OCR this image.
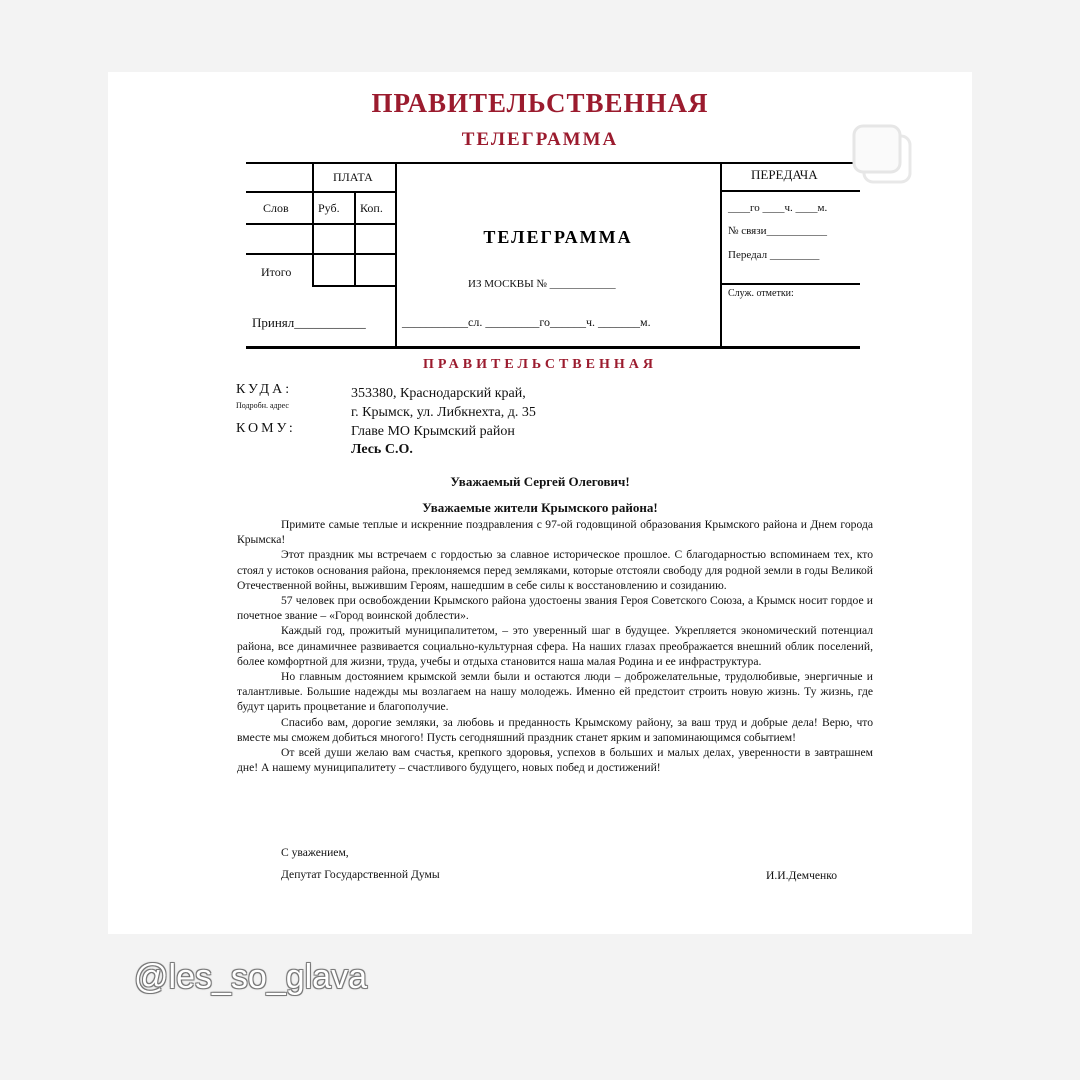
ПРАВИТЕЛЬСТВЕННАЯ
ТЕЛЕГРАММА
ПЛАТА
Слов Руб. Коп.
Итого
Принял___________
ТЕЛЕГРАММА
ИЗ МОСКВЫ № ____________
___________сл. _________го______ч. _______м.
ПЕРЕДАЧА
____го ____ч. ____м.
№ связи___________
Передал _________
Служ. отметки:
ПРАВИТЕЛЬСТВЕННАЯ
КУДА:
Подробн. адрес
КОМУ:
353380, Краснодарский край,
г. Крымск, ул. Либкнехта, д. 35
Главе МО Крымский район
Лесь С.О.
Уважаемый Сергей Олегович!
Уважаемые жители Крымского района!

Примите самые теплые и искренние поздравления с 97-ой годовщиной образования Крымского района и Днем города Крымска!

Этот праздник мы встречаем с гордостью за славное историческое прошлое. С благодарностью вспоминаем тех, кто стоял у истоков основания района, преклоняемся перед земляками, которые отстояли свободу для родной земли в годы Великой Отечественной войны, выжившим Героям, нашедшим в себе силы к восстановлению и созиданию.

57 человек при освобождении Крымского района удостоены звания Героя Советского Союза, а Крымск носит гордое и почетное звание – «Город воинской доблести».

Каждый год, прожитый муниципалитетом, – это уверенный шаг в будущее. Укрепляется экономический потенциал района, все динамичнее развивается социально-культурная сфера. На наших глазах преображается внешний облик поселений, более комфортной для жизни, труда, учебы и отдыха становится наша малая Родина и ее инфраструктура.

Но главным достоянием крымской земли были и остаются люди – доброжелательные, трудолюбивые, энергичные и талантливые. Большие надежды мы возлагаем на нашу молодежь. Именно ей предстоит строить новую жизнь. Ту жизнь, где будут царить процветание и благополучие.

Спасибо вам, дорогие земляки, за любовь и преданность Крымскому району, за ваш труд и добрые дела! Верю, что вместе мы сможем добиться многого! Пусть сегодняшний праздник станет ярким и запоминающимся событием!

От всей души желаю вам счастья, крепкого здоровья, успехов в больших и малых делах, уверенности в завтрашнем дне! А нашему муниципалитету – счастливого будущего, новых побед и достижений!

С уважением,
Депутат Государственной Думы	И.И.Демченко
@les_so_glava
